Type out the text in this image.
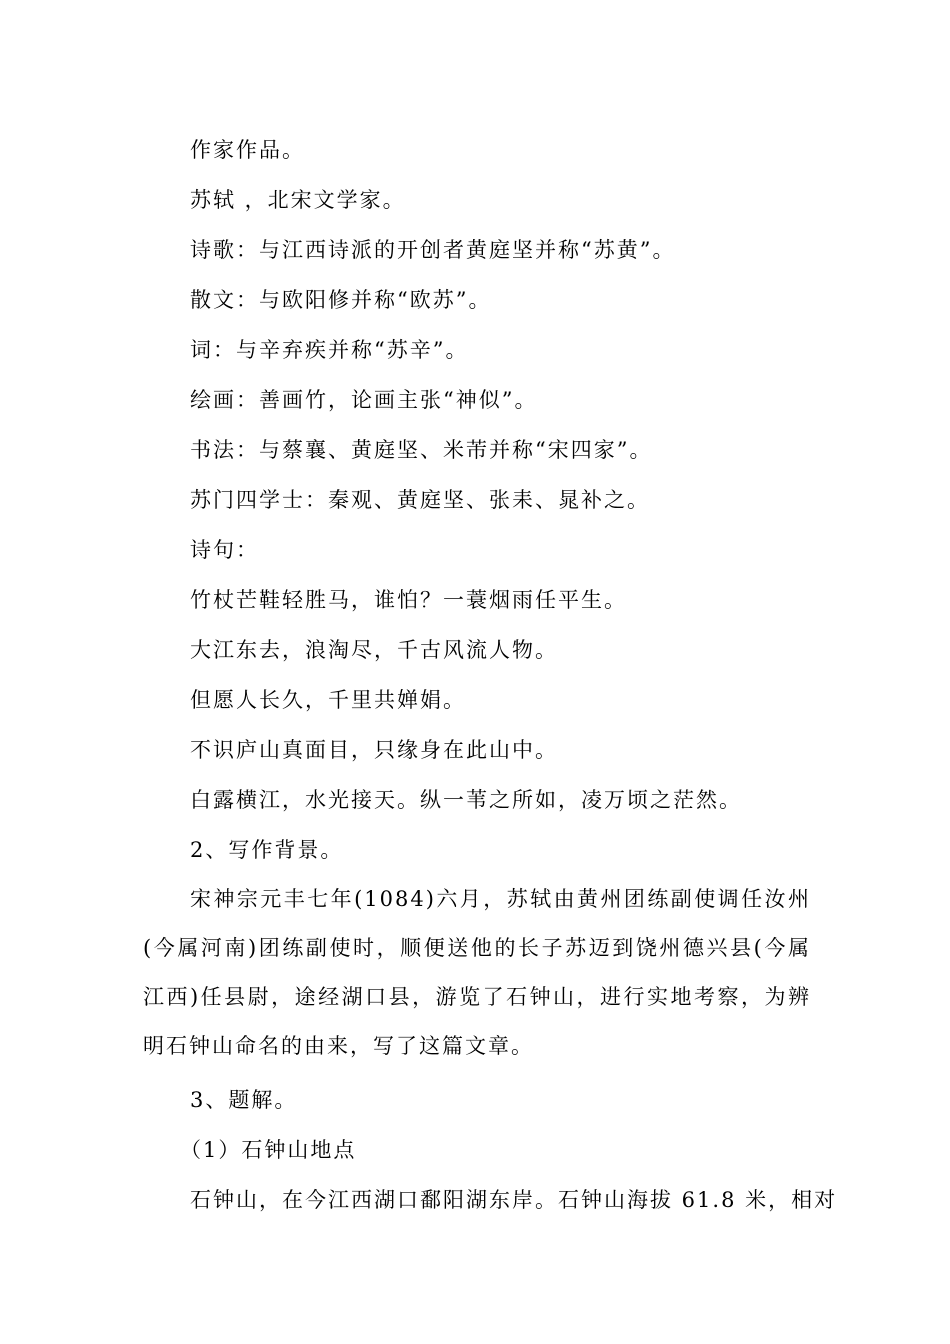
作家作品。
苏轼 ，北宋文学家。
诗歌：与江西诗派的开创者黄庭坚并称“苏黄”。
散文：与欧阳修并称“欧苏”。
词：与辛弃疾并称“苏辛”。
绘画：善画竹，论画主张“神似”。
书法：与蔡襄、黄庭坚、米芾并称“宋四家”。
苏门四学士：秦观、黄庭坚、张耒、晁补之。
诗句：
竹杖芒鞋轻胜马，谁怕？一蓑烟雨任平生。
大江东去，浪淘尽，千古风流人物。
但愿人长久，千里共婵娟。
不识庐山真面目，只缘身在此山中。
白露横江，水光接天。纵一苇之所如，凌万顷之茫然。
2、写作背景。
宋神宗元丰七年(1084)六月，苏轼由黄州团练副使调任汝州(今属河南)团练副使时，顺便送他的长子苏迈到饶州德兴县(今属江西)任县尉，途经湖口县，游览了石钟山，进行实地考察，为辨明石钟山命名的由来，写了这篇文章。
3、题解。
（1）石钟山地点
石钟山，在今江西湖口鄱阳湖东岸。石钟山海拔 61.8 米，相对
